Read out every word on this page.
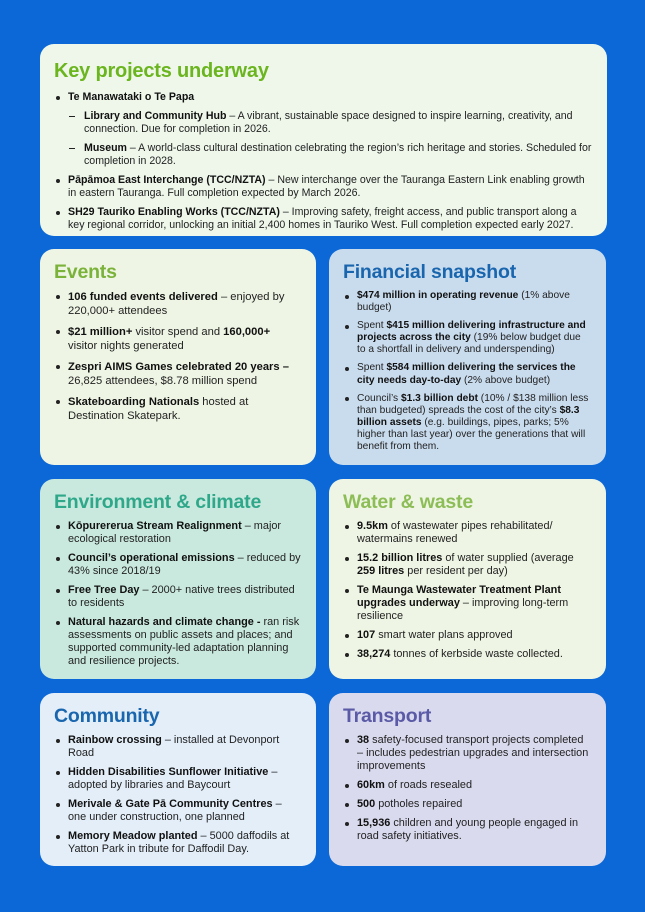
Key projects underway
Te Manawataki o Te Papa
Library and Community Hub – A vibrant, sustainable space designed to inspire learning, creativity, and connection. Due for completion in 2026.
Museum – A world-class cultural destination celebrating the region’s rich heritage and stories. Scheduled for completion in 2028.
Pāpāmoa East Interchange (TCC/NZTA) – New interchange over the Tauranga Eastern Link enabling growth in eastern Tauranga. Full completion expected by March 2026.
SH29 Tauriko Enabling Works (TCC/NZTA) – Improving safety, freight access, and public transport along a key regional corridor, unlocking an initial 2,400 homes in Tauriko West. Full completion expected early 2027.
Events
106 funded events delivered – enjoyed by 220,000+ attendees
$21 million+ visitor spend and 160,000+ visitor nights generated
Zespri AIMS Games celebrated 20 years – 26,825 attendees, $8.78 million spend
Skateboarding Nationals hosted at Destination Skatepark.
Financial snapshot
$474 million in operating revenue (1% above budget)
Spent $415 million delivering infrastructure and projects across the city (19% below budget due to a shortfall in delivery and underspending)
Spent $584 million delivering the services the city needs day-to-day (2% above budget)
Council’s $1.3 billion debt (10% / $138 million less than budgeted) spreads the cost of the city’s $8.3 billion assets (e.g. buildings, pipes, parks; 5% higher than last year) over the generations that will benefit from them.
Environment & climate
Kōpurererua Stream Realignment – major ecological restoration
Council’s operational emissions – reduced by 43% since 2018/19
Free Tree Day – 2000+ native trees distributed to residents
Natural hazards and climate change - ran risk assessments on public assets and places; and supported community-led adaptation planning and resilience projects.
Water & waste
9.5km of wastewater pipes rehabilitated/ watermains renewed
15.2 billion litres of water supplied (average 259 litres per resident per day)
Te Maunga Wastewater Treatment Plant upgrades underway – improving long-term resilience
107 smart water plans approved
38,274 tonnes of kerbside waste collected.
Community
Rainbow crossing – installed at Devonport Road
Hidden Disabilities Sunflower Initiative – adopted by libraries and Baycourt
Merivale & Gate Pā Community Centres – one under construction, one planned
Memory Meadow planted – 5000 daffodils at Yatton Park in tribute for Daffodil Day.
Transport
38 safety-focused transport projects completed – includes pedestrian upgrades and intersection improvements
60km of roads resealed
500 potholes repaired
15,936 children and young people engaged in road safety initiatives.
